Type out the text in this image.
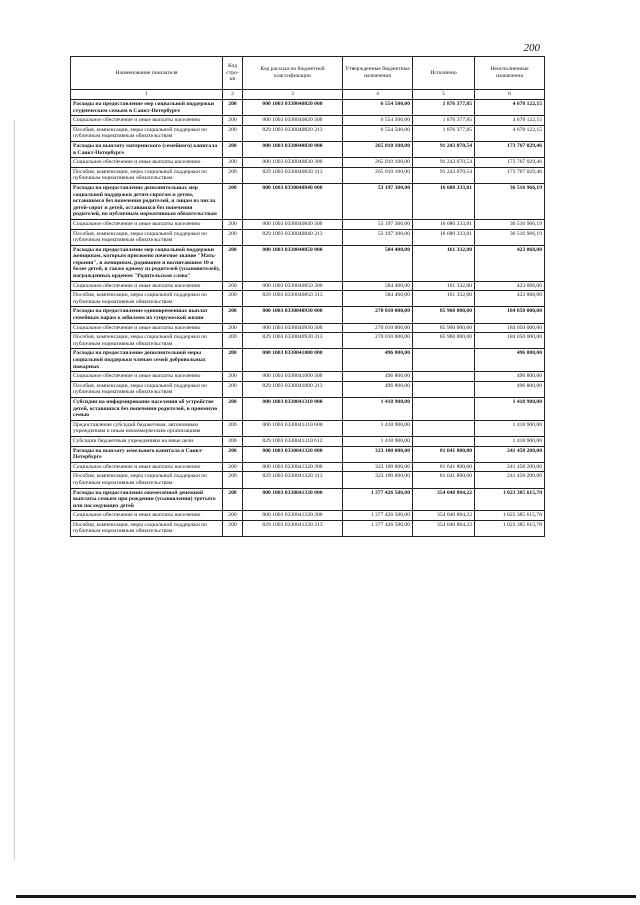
200
Наименование показателя	Код стро- ки	Код расхода по бюджетной классификации	Утвержденные бюджетные назначения	Исполнено	Неисполненные назначения
1	2	3	4	5	6
Расходы на предоставление мер социальной поддержки студенческим семьям в Санкт-Петербурге	200	000 1003 0330040820 000	6 554 500,00	1 876 377,85	4 678 122,15
Социальное обеспечение и иные выплаты населению	200	000 1003 0330040820 300	6 554 500,00	1 876 377,85	4 678 122,15
Пособия, компенсации, меры социальной поддержки по публичным нормативным обязательствам	200	829 1003 0330040820 313	6 554 500,00	1 876 377,85	4 678 122,15
Расходы на выплату материнского (семейного) капитала в Санкт-Петербурге	200	000 1003 0330040830 000	265 010 100,00	91 243 070,54	173 767 029,46
Социальное обеспечение и иные выплаты населению	200	000 1003 0330040830 300	265 010 100,00	91 243 070,54	173 767 029,46
Пособия, компенсации, меры социальной поддержки по публичным нормативным обязательствам	200	829 1003 0330040830 313	265 010 100,00	91 243 070,54	173 767 029,46
Расходы на предоставление дополнительных мер социальной поддержки детям-сиротам и детям, оставшимся без попечения родителей, и лицам из числа детей-сирот и детей, оставшихся без попечения родителей, по публичным нормативным обязательствам	200	000 1003 0330040840 000	53 197 300,00	16 680 333,81	36 516 966,19
Социальное обеспечение и иные выплаты населению	200	000 1003 0330040840 300	53 197 300,00	16 680 333,81	36 516 966,19
Пособия, компенсации, меры социальной поддержки по публичным нормативным обязательствам	200	829 1003 0330040840 313	53 197 300,00	16 680 333,81	36 516 966,19
Расходы на предоставление мер социальной поддержки женщинам, которым присвоено почетное звание "Мать-героиня", и женщинам, родившим и воспитавшим 10 и более детей, в также одному из родителей (усыновителей), награжденных орденом "Родительская слава"	200	000 1003 0330040850 000	584 400,00	161 332,00	423 068,00
Социальное обеспечение и иные выплаты населению	200	000 1003 0330040850 300	584 400,00	161 332,00	423 068,00
Пособия, компенсации, меры социальной поддержки по публичным нормативным обязательствам	200	829 1003 0330040850 313	584 400,00	161 332,00	423 068,00
Расходы на предоставление единовременных выплат семейным парам к юбилеям их супружеской жизни	200	000 1003 0330040930 000	270 010 000,00	85 960 000,00	184 050 000,00
Социальное обеспечение и иные выплаты населению	200	000 1003 0330040930 300	270 010 000,00	85 960 000,00	184 050 000,00
Пособия, компенсации, меры социальной поддержки по публичным нормативным обязательствам	200	829 1003 0330040930 313	270 010 000,00	85 960 000,00	184 050 000,00
Расходы на предоставление дополнительной меры социальной поддержки членам семей добровольных пожарных	200	000 1003 0330041000 000	496 800,00		496 800,00
Социальное обеспечение и иные выплаты населению	200	000 1003 0330041000 300	496 800,00		496 800,00
Пособия, компенсации, меры социальной поддержки по публичным нормативным обязательствам	200	829 1003 0330041000 313	496 800,00		496 800,00
Субсидии на информирование населения об устройстве детей, оставшихся без попечения родителей, в приемную семью	200	000 1003 0330041310 000	1 418 900,00		1 418 900,00
Предоставление субсидий бюджетным, автономным учреждениям и иным некоммерческим организациям	200	000 1003 0330041310 600	1 418 900,00		1 418 900,00
Субсидии бюджетным учреждениям на иные цели	200	829 1003 0330041310 612	1 418 900,00		1 418 900,00
Расходы на выплату земельного капитала в Санкт-Петербурге	200	000 1003 0330041320 000	323 100 000,00	81 641 800,00	241 458 200,00
Социальное обеспечение и иные выплаты населению	200	000 1003 0330041320 300	323 100 000,00	81 641 800,00	241 458 200,00
Пособия, компенсации, меры социальной поддержки по публичным нормативным обязательствам	200	829 1003 0330041320 313	323 100 000,00	81 641 800,00	241 458 200,00
Расходы на предоставление ежемесячной денежной выплаты семьям при рождении (усыновлении) третьего или последующих детей	200	000 1003 0330041330 000	1 377 426 500,00	354 040 884,22	1 023 385 615,78
Социальное обеспечение и иные выплаты населению	200	000 1003 0330041330 300	1 377 426 500,00	354 040 884,22	1 023 385 615,78
Пособия, компенсации, меры социальной поддержки по публичным нормативным обязательствам	200	829 1003 0330041330 313	1 377 426 500,00	354 040 884,22	1 023 385 615,78
